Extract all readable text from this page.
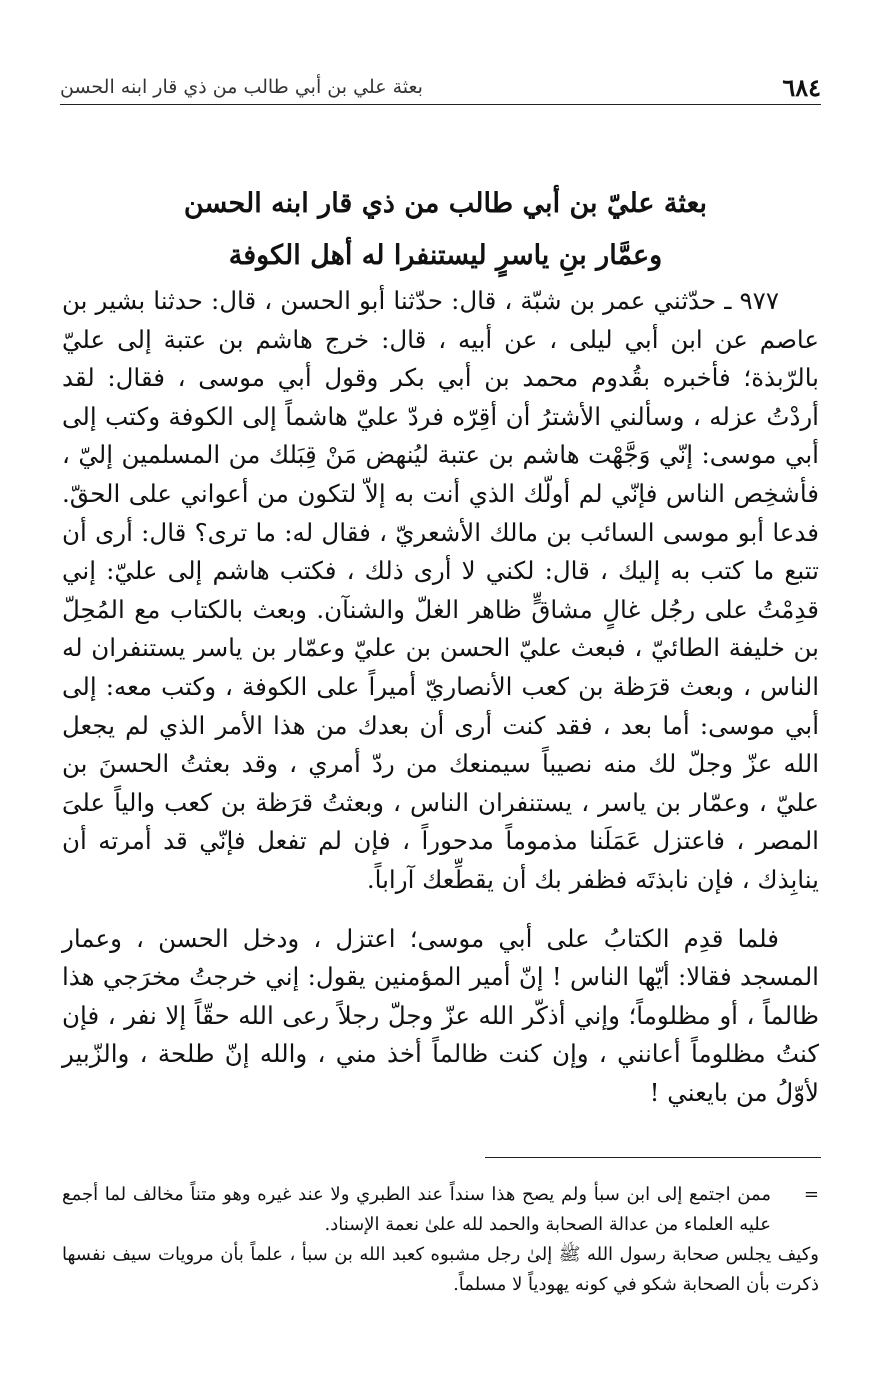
٦٨٤
بعثة علي بن أبي طالب من ذي قار ابنه الحسن
بعثة عليّ بن أبي طالب من ذي قار ابنه الحسن
وعمَّار بنِ ياسرٍ ليستنفرا له أهل الكوفة

٩٧٧ ـ حدّثني عمر بن شبّة ، قال: حدّثنا أبو الحسن ، قال: حدثنا بشير بن عاصم عن ابن أبي ليلى ، عن أبيه ، قال: خرج هاشم بن عتبة إلى عليّ بالرّبذة؛ فأخبره بقُدوم محمد بن أبي بكر وقول أبي موسى ، فقال: لقد أردْتُ عزله ، وسألني الأشترُ أن أقِرّه فردّ عليّ هاشماً إلى الكوفة وكتب إلى أبي موسى: إنّي وَجَّهْت هاشم بن عتبة ليُنهض مَنْ قِبَلك من المسلمين إليّ ، فأشخِص الناس فإنّي لم أولّك الذي أنت به إلاّ لتكون من أعواني على الحقّ. فدعا أبو موسى السائب بن مالك الأشعريّ ، فقال له: ما ترى؟ قال: أرى أن تتبع ما كتب به إليك ، قال: لكني لا أرى ذلك ، فكتب هاشم إلى عليّ: إني قدِمْتُ على رجُل غالٍ مشاقٍّ ظاهر الغلّ والشنآن. وبعث بالكتاب مع المُحِلّ بن خليفة الطائيّ ، فبعث عليّ الحسن بن عليّ وعمّار بن ياسر يستنفران له الناس ، وبعث قرَظة بن كعب الأنصاريّ أميراً على الكوفة ، وكتب معه: إلى أبي موسى: أما بعد ، فقد كنت أرى أن بعدك من هذا الأمر الذي لم يجعل الله عزّ وجلّ لك منه نصيباً سيمنعك من ردّ أمري ، وقد بعثتُ الحسنَ بن عليّ ، وعمّار بن ياسر ، يستنفران الناس ، وبعثتُ قرَظة بن كعب والياً علىَ المصر ، فاعتزل عَمَلَنا مذموماً مدحوراً ، فإن لم تفعل فإنّي قد أمرته أن ينابِذك ، فإن نابذتَه فظفر بك أن يقطِّعك آراباً.

فلما قدِم الكتابُ على أبي موسى؛ اعتزل ، ودخل الحسن ، وعمار المسجد فقالا: أيّها الناس ! إنّ أمير المؤمنين يقول: إني خرجتُ مخرَجي هذا ظالماً ، أو مظلوماً؛ وإني أذكّر الله عزّ وجلّ رجلاً رعى الله حقّاً إلا نفر ، فإن كنتُ مظلوماً أعانني ، وإن كنت ظالماً أخذ مني ، والله إنّ طلحة ، والزّبير لأوّلُ من بايعني !

=
ممن اجتمع إلى ابن سبأ ولم يصح هذا سنداً عند الطبري ولا عند غيره وهو متناً مخالف لما أجمع عليه العلماء من عدالة الصحابة والحمد لله علىٰ نعمة الإسناد.

وكيف يجلس صحابة رسول الله ﷺ إلىٰ رجل مشبوه كعبد الله بن سبأ ، علماً بأن مرويات سيف نفسها ذكرت بأن الصحابة شكو في كونه يهودياً لا مسلماً.
